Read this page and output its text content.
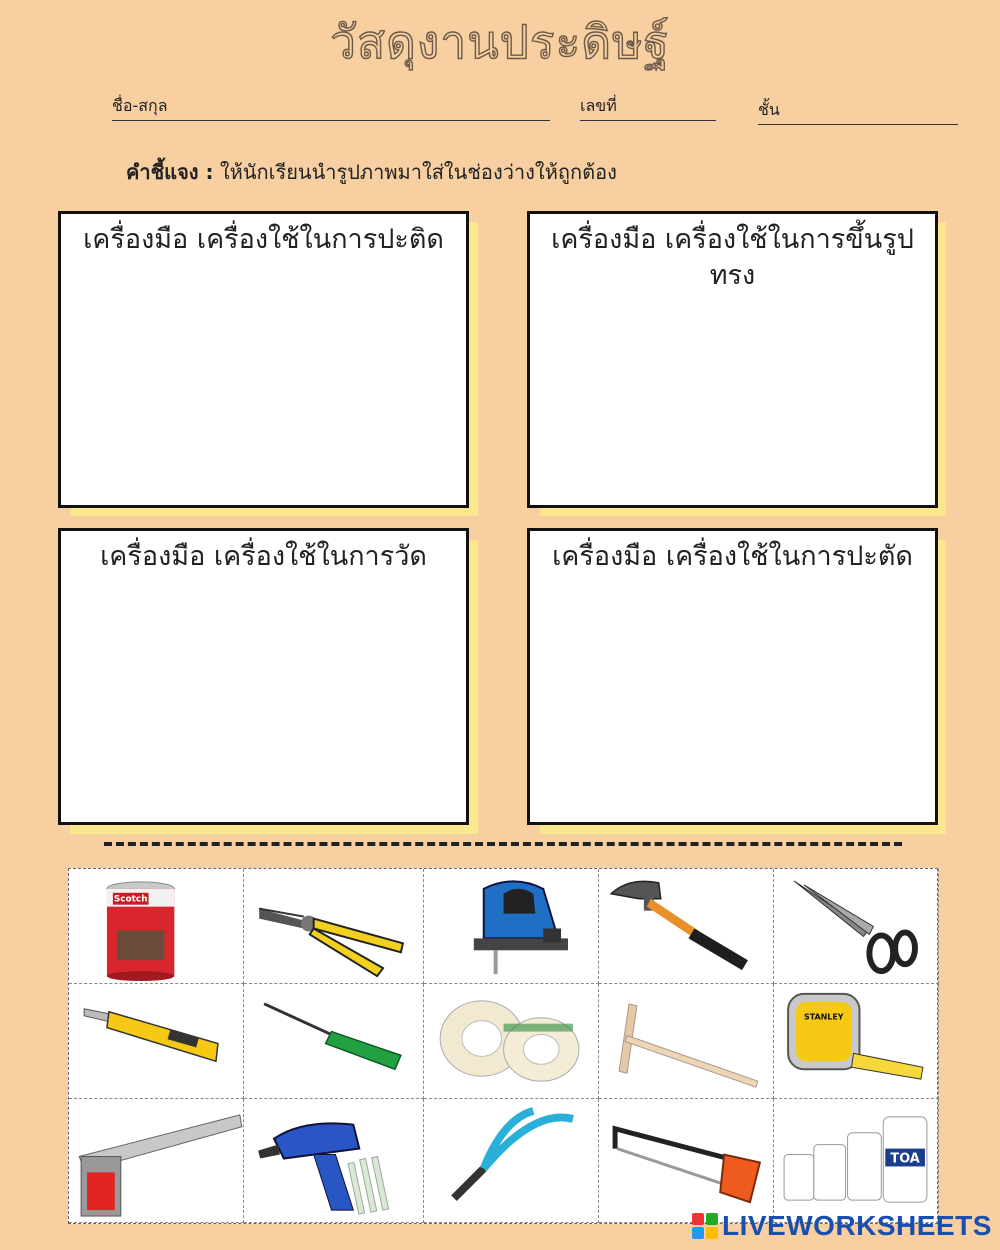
วัสดุงานประดิษฐ์
ชื่อ-สกุล	เลขที่	ชั้น
คำชี้แจง : ให้นักเรียนนำรูปภาพมาใส่ในช่องว่างให้ถูกต้อง
เครื่องมือ เครื่องใช้ในการปะติด	เครื่องมือ เครื่องใช้ในการขึ้นรูปทรง
เครื่องมือ เครื่องใช้ในการวัด	เครื่องมือ เครื่องใช้ในการปะตัด
Scotch
STANLEY
TOA
LIVEWORKSHEETS
